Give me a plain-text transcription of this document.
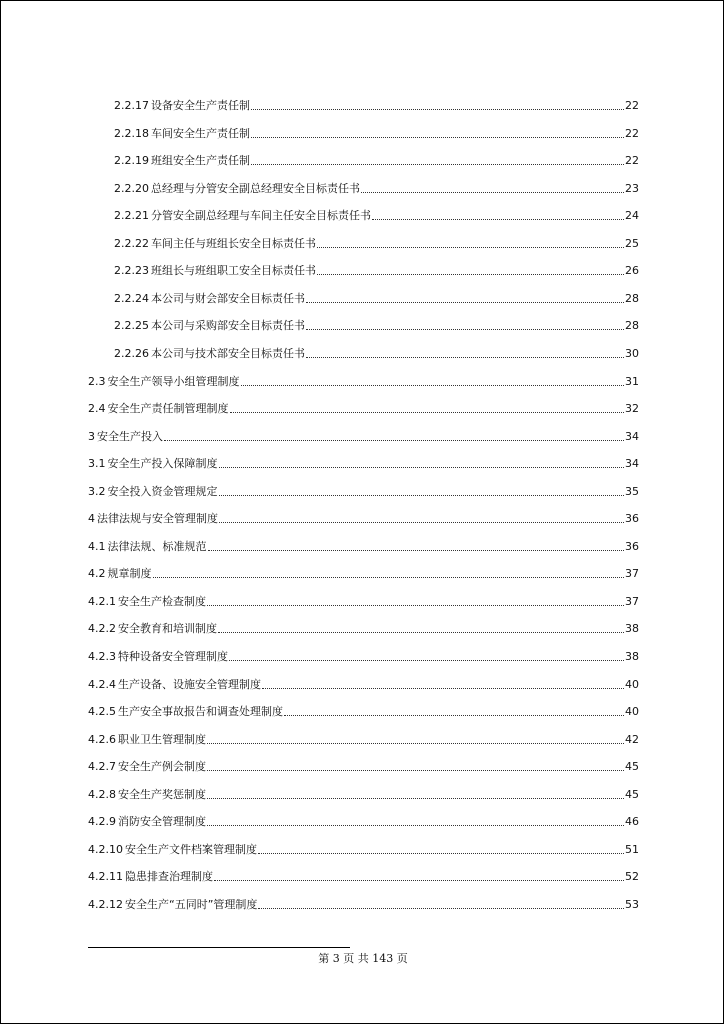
2.2.17 设备安全生产责任制	22
2.2.18 车间安全生产责任制	22
2.2.19 班组安全生产责任制	22
2.2.20 总经理与分管安全副总经理安全目标责任书	23
2.2.21 分管安全副总经理与车间主任安全目标责任书	24
2.2.22 车间主任与班组长安全目标责任书	25
2.2.23 班组长与班组职工安全目标责任书	26
2.2.24 本公司与财会部安全目标责任书	28
2.2.25 本公司与采购部安全目标责任书	28
2.2.26 本公司与技术部安全目标责任书	30
2.3 安全生产领导小组管理制度	31
2.4 安全生产责任制管理制度	32
3 安全生产投入	34
3.1 安全生产投入保障制度	34
3.2 安全投入资金管理规定	35
4 法律法规与安全管理制度	36
4.1 法律法规、标准规范	36
4.2 规章制度	37
4.2.1 安全生产检查制度	37
4.2.2 安全教育和培训制度	38
4.2.3 特种设备安全管理制度	38
4.2.4 生产设备、设施安全管理制度	40
4.2.5 生产安全事故报告和调查处理制度	40
4.2.6 职业卫生管理制度	42
4.2.7 安全生产例会制度	45
4.2.8 安全生产奖惩制度	45
4.2.9 消防安全管理制度	46
4.2.10 安全生产文件档案管理制度	51
4.2.11 隐患排查治理制度	52
4.2.12 安全生产“五同时”管理制度	53
第 3 页 共 143 页
